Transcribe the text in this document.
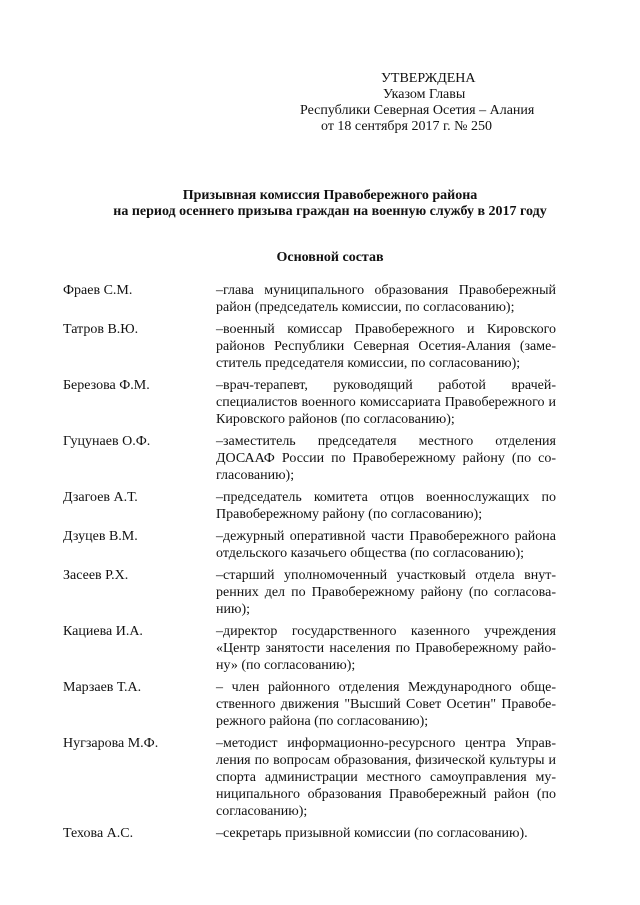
УТВЕРЖДЕНА
Указом Главы
Республики Северная Осетия – Алания
от 18 сентября 2017 г. № 250
Призывная комиссия Правобережного района
на период осеннего призыва граждан на военную службу в 2017 году
Основной состав
Фраев С.М.	–глава муниципального образования Правобережный район (председатель комиссии, по согласованию);
Татров В.Ю.	–военный комиссар Правобережного и Кировского районов Республики Северная Осетия-Алания (заместитель председателя комиссии, по согласованию);
Березова Ф.М.	–врач-терапевт, руководящий работой врачей-специалистов военного комиссариата Правобережного и Кировского районов (по согласованию);
Гуцунаев О.Ф.	–заместитель председателя местного отделения ДОСААФ России по Правобережному району (по согласованию);
Дзагоев А.Т.	–председатель комитета отцов военнослужащих по Правобережному району (по согласованию);
Дзуцев В.М.	–дежурный оперативной части Правобережного района отдельского казачьего общества (по согласованию);
Засеев Р.Х.	–старший уполномоченный участковый отдела внутренних дел по Правобережному району (по согласованию);
Кациева И.А.	–директор государственного казенного учреждения «Центр занятости населения по Правобережному району» (по согласованию);
Марзаев Т.А.	– член районного отделения Международного общественного движения "Высший Совет Осетин" Правобережного района (по согласованию);
Нугзарова М.Ф.	–методист информационно-ресурсного центра Управления по вопросам образования, физической культуры и спорта администрации местного самоуправления муниципального образования Правобережный район (по согласованию);
Техова А.С.	–секретарь призывной комиссии (по согласованию).
